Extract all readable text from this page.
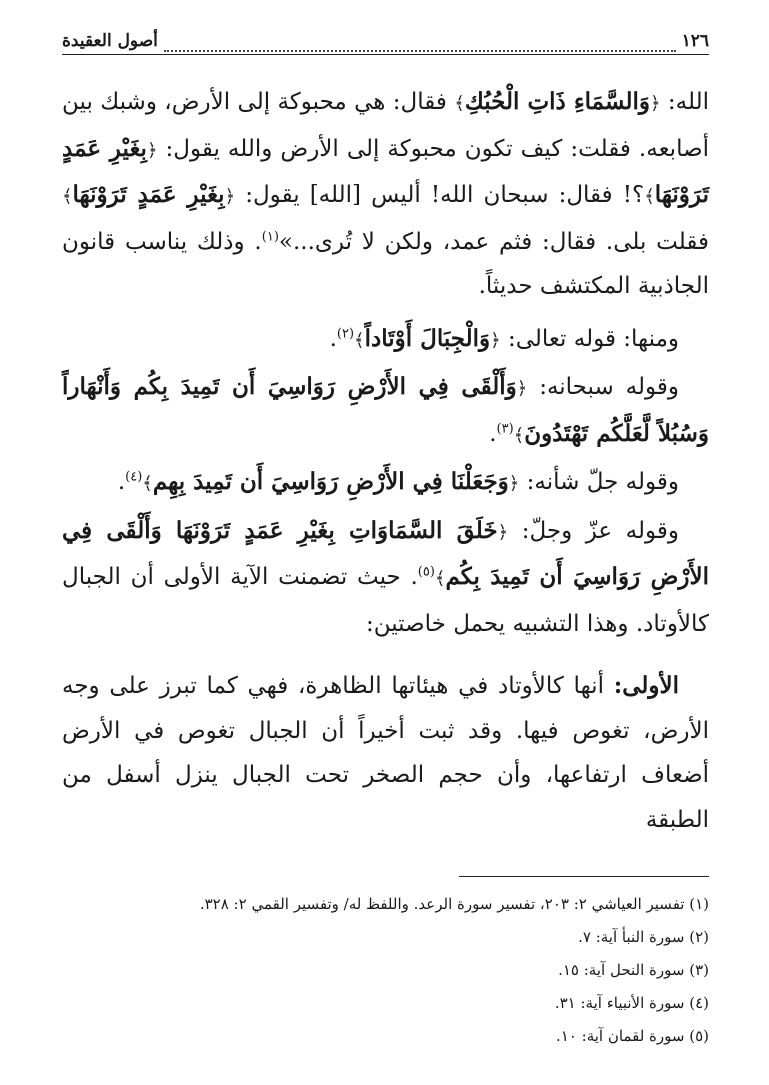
١٢٦
أصول العقيدة

الله: ﴿وَالسَّمَاءِ ذَاتِ الْحُبُكِ﴾ فقال: هي محبوكة إلى الأرض، وشبك بين أصابعه. فقلت: كيف تكون محبوكة إلى الأرض والله يقول: ﴿بِغَيْرِ عَمَدٍ تَرَوْنَهَا﴾؟! فقال: سبحان الله! أليس [الله] يقول: ﴿بِغَيْرِ عَمَدٍ تَرَوْنَهَا﴾ فقلت بلى. فقال: فثم عمد، ولكن لا تُرى...»$^{(١)}$. وذلك يناسب قانون الجاذبية المكتشف حديثاً.

ومنها: قوله تعالى: ﴿وَالْجِبَالَ أَوْتَاداً﴾$^{(٢)}$.

وقوله سبحانه: ﴿وَأَلْقَى فِي الأَرْضِ رَوَاسِيَ أَن تَمِيدَ بِكُم وَأَنْهَاراً وَسُبُلاً لَّعَلَّكُم تَهْتَدُونَ﴾$^{(٣)}$.

وقوله جلّ شأنه: ﴿وَجَعَلْنَا فِي الأَرْضِ رَوَاسِيَ أَن تَمِيدَ بِهِم﴾$^{(٤)}$.

وقوله عزّ وجلّ: ﴿خَلَقَ السَّمَاوَاتِ بِغَيْرِ عَمَدٍ تَرَوْنَهَا وَأَلْقَى فِي الأَرْضِ رَوَاسِيَ أَن تَمِيدَ بِكُم﴾$^{(٥)}$. حيث تضمنت الآية الأولى أن الجبال كالأوتاد. وهذا التشبيه يحمل خاصتين:

الأولى: أنها كالأوتاد في هيئاتها الظاهرة، فهي كما تبرز على وجه الأرض، تغوص فيها. وقد ثبت أخيراً أن الجبال تغوص في الأرض أضعاف ارتفاعها، وأن حجم الصخر تحت الجبال ينزل أسفل من الطبقة

(١) تفسير العياشي ٢: ٢٠٣، تفسير سورة الرعد. واللفظ له/ وتفسير القمي ٢: ٣٢٨.
(٢) سورة النبأ آية: ٧.
(٣) سورة النحل آية: ١٥.
(٤) سورة الأنبياء آية: ٣١.
(٥) سورة لقمان آية: ١٠.
